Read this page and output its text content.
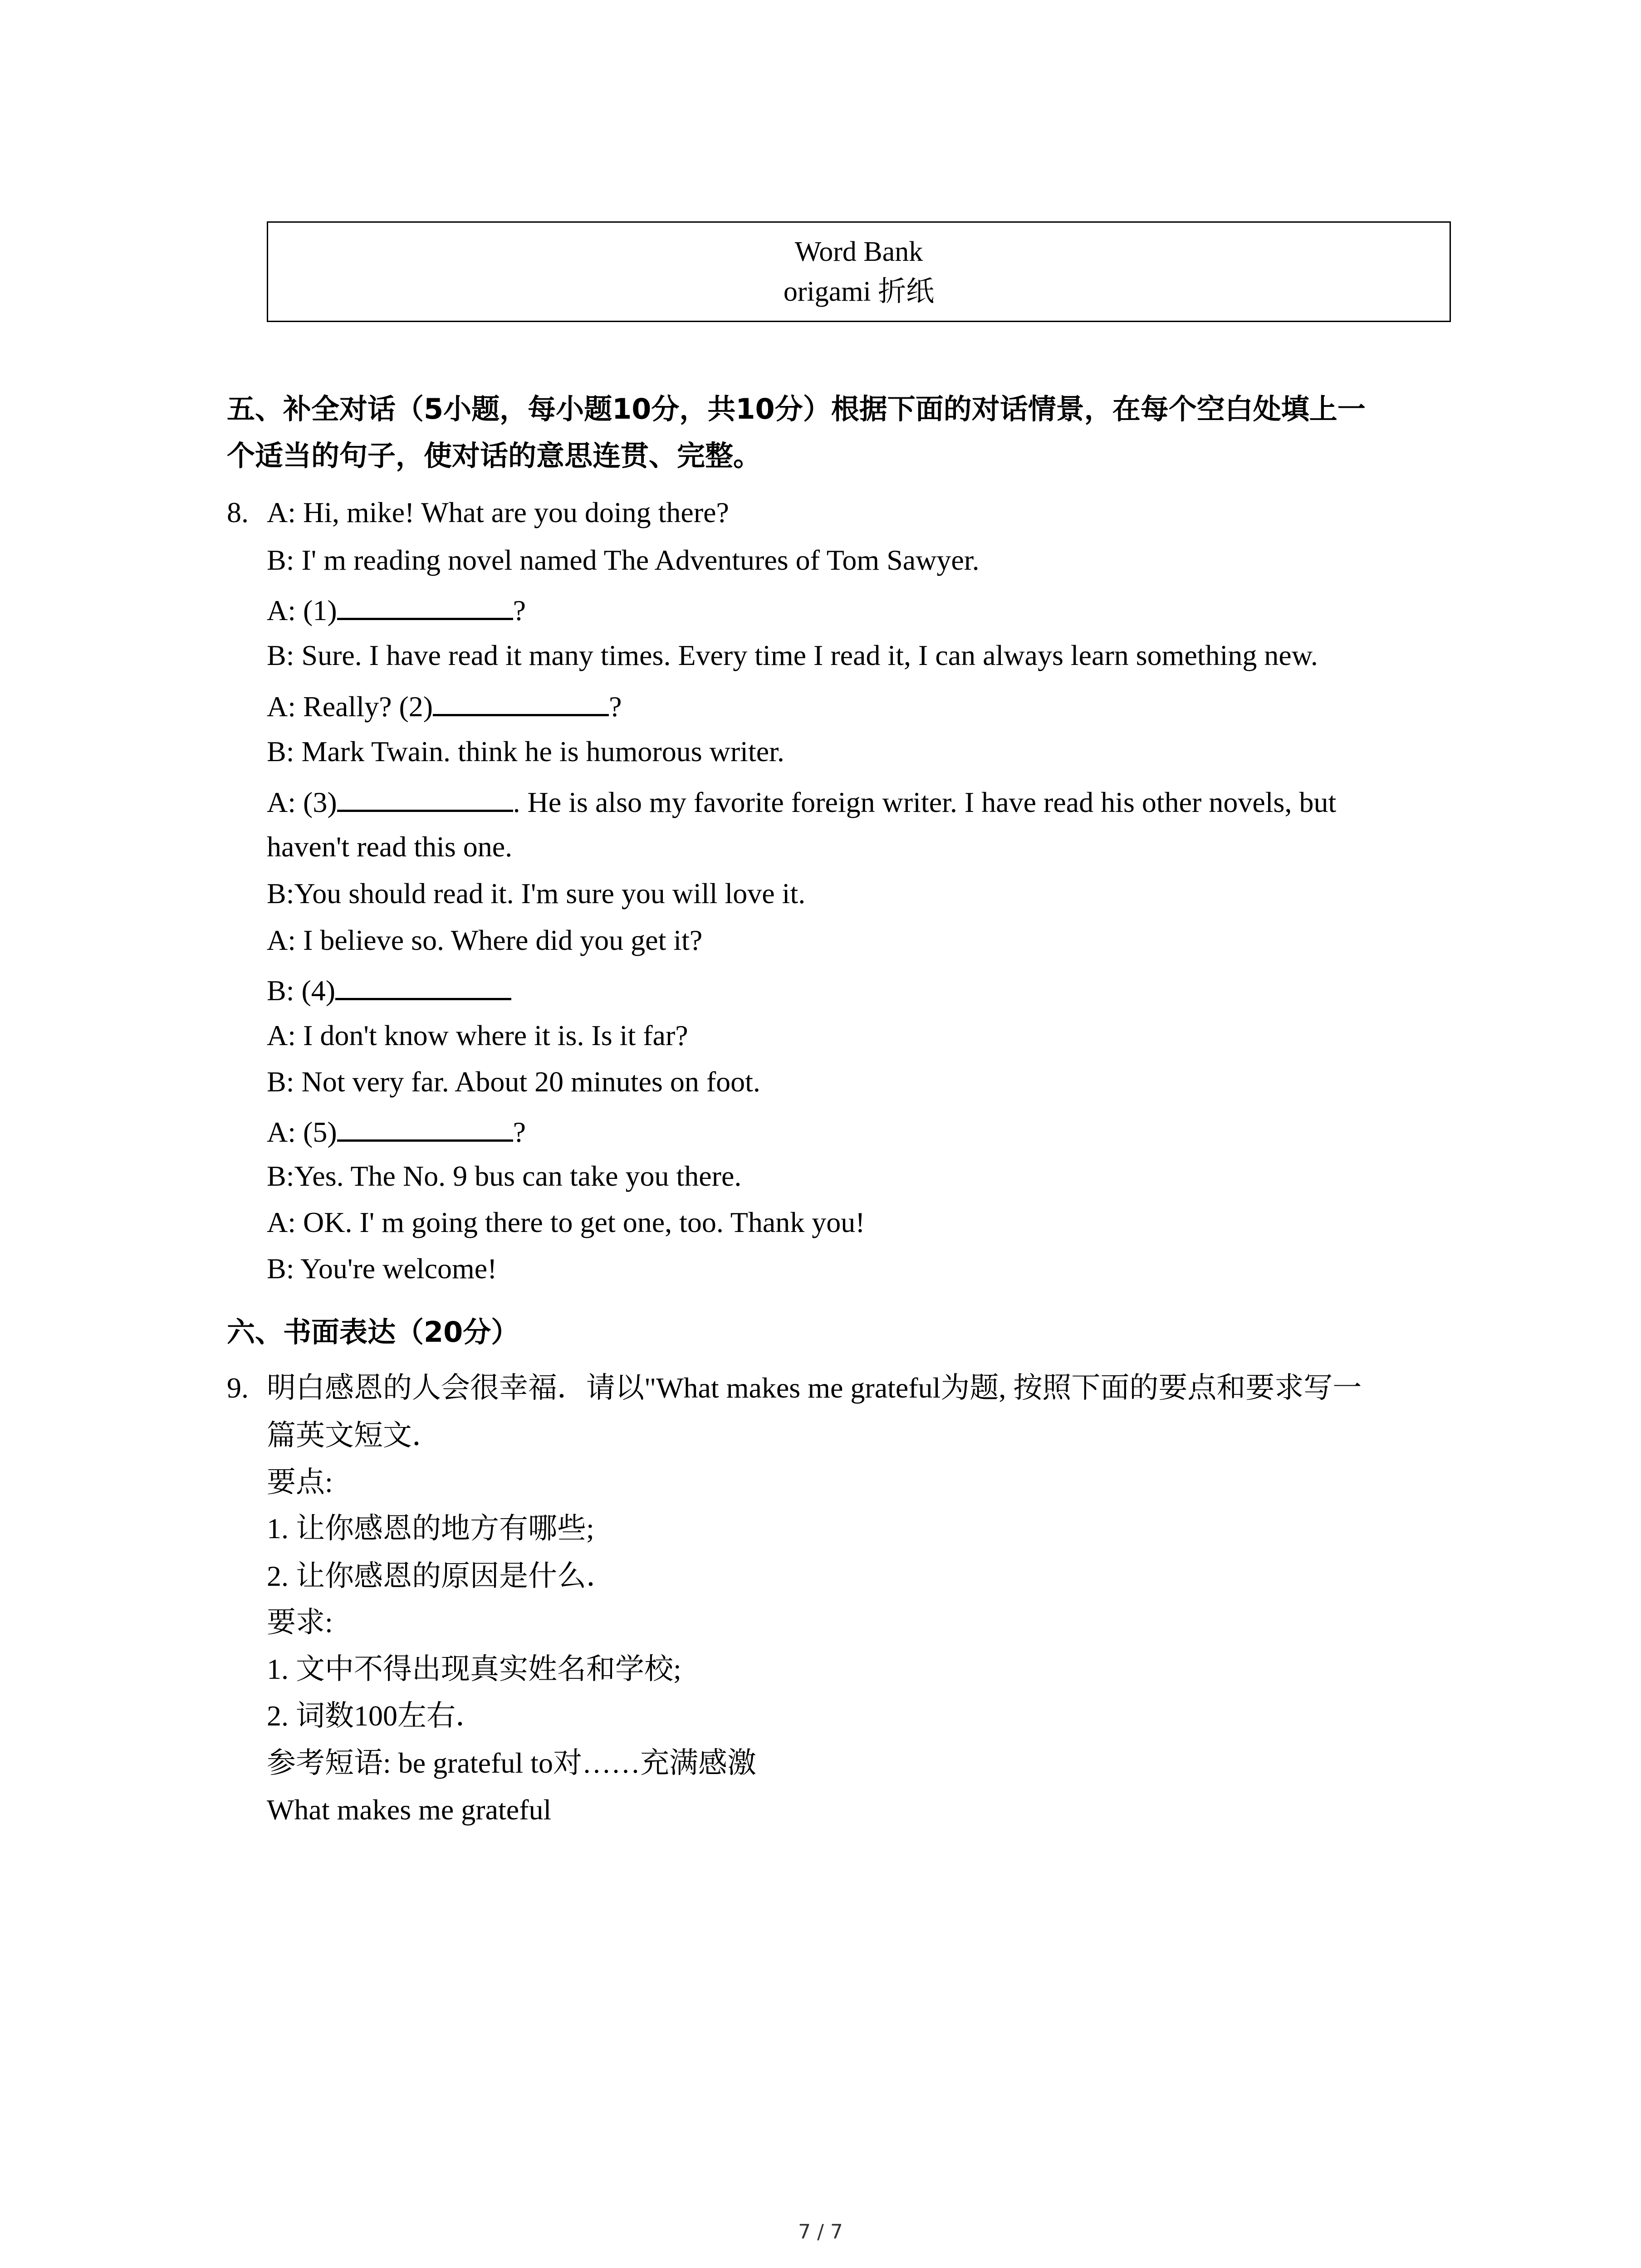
Word Bank
origami 折纸
五、补全对话（5小题，每小题10分，共10分）根据下面的对话情景，在每个空白处填上一
个适当的句子，使对话的意思连贯、完整。
8. A: Hi, mike! What are you doing there?
B: I' m reading novel named The Adventures of Tom Sawyer.
A: (1)	?
B: Sure. I have read it many times. Every time I read it, I can always learn something new.
A: Really? (2)	?
B: Mark Twain. think he is humorous writer.
A: (3)	. He is also my favorite foreign writer. I have read his other novels, but
haven't read this one.
B:You should read it. I'm sure you will love it.
A: I believe so. Where did you get it?
B: (4)
A: I don't know where it is. Is it far?
B: Not very far. About 20 minutes on foot.
A: (5)	?
B:Yes. The No. 9 bus can take you there.
A: OK. I' m going there to get one, too. Thank you!
B: You're welcome!
六、书面表达（20分）
9. 明白感恩的人会很幸福．请以"What makes me grateful为题, 按照下面的要点和要求写一
篇英文短文．
要点:
1. 让你感恩的地方有哪些;
2. 让你感恩的原因是什么．
要求:
1. 文中不得出现真实姓名和学校;
2. 词数100左右．
参考短语: be grateful to对……充满感激
What makes me grateful
7 / 7
